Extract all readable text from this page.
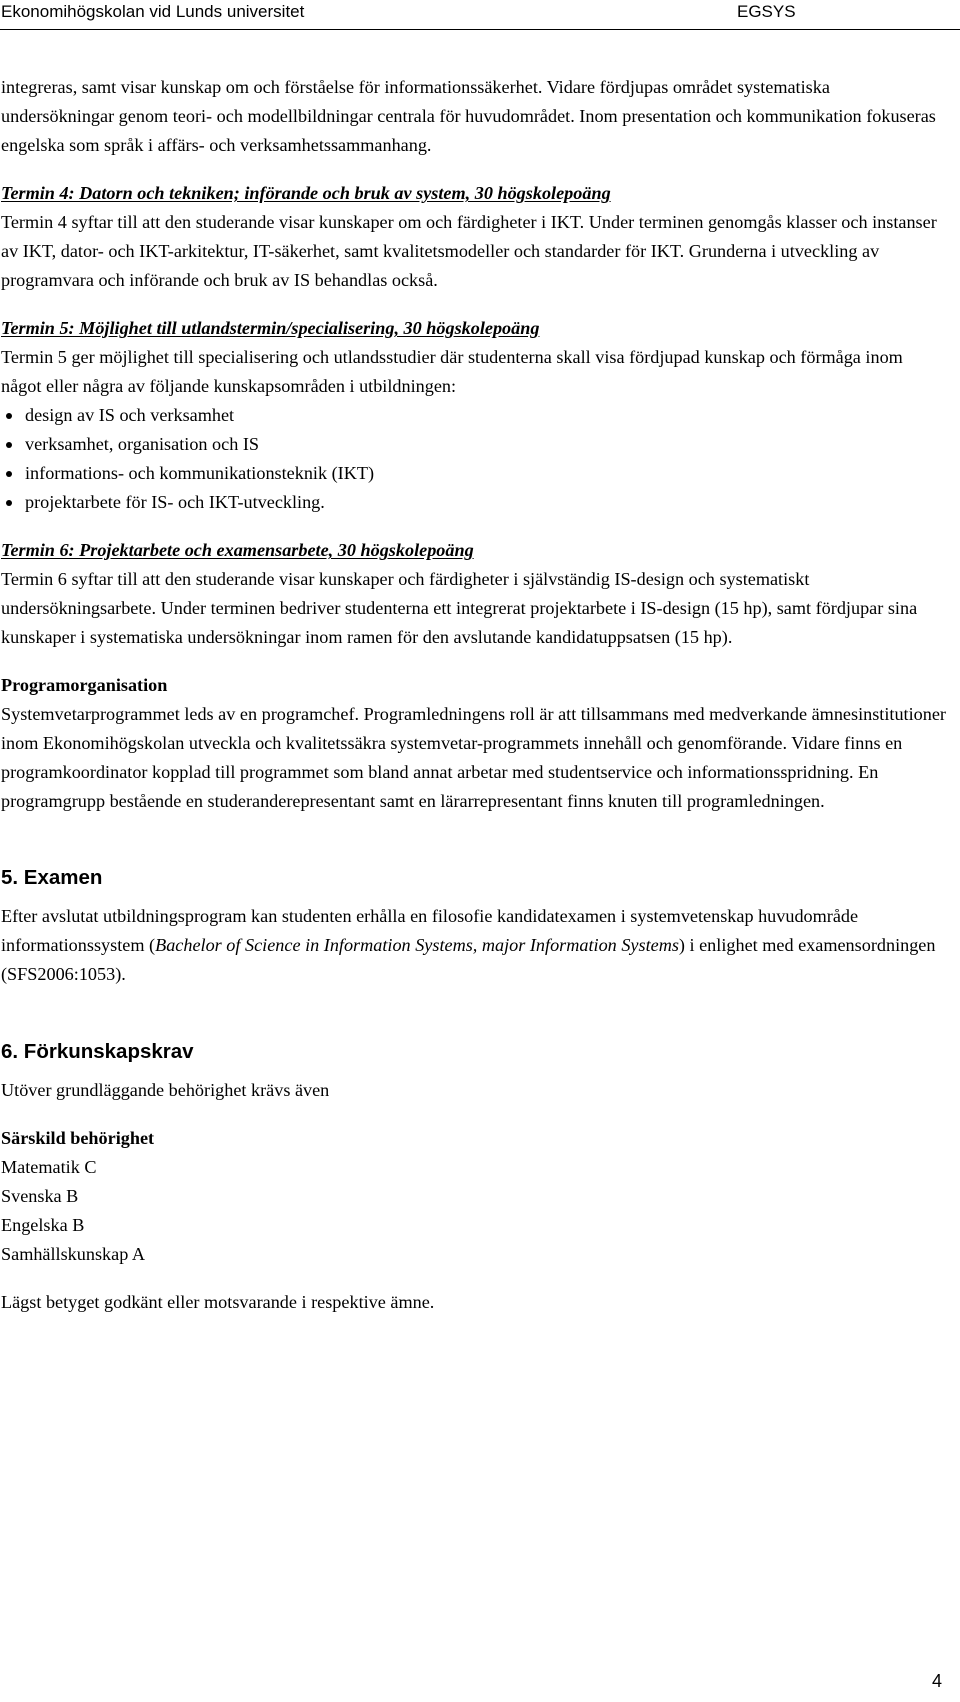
Ekonomihögskolan vid Lunds universitet	EGSYS

integreras, samt visar kunskap om och förståelse för informationssäkerhet. Vidare fördjupas området systematiska undersökningar genom teori- och modellbildningar centrala för huvudområdet. Inom presentation och kommunikation fokuseras engelska som språk i affärs- och verksamhetssammanhang.

Termin 4: Datorn och tekniken; införande och bruk av system, 30 högskolepoäng

Termin 4 syftar till att den studerande visar kunskaper om och färdigheter i IKT. Under terminen genomgås klasser och instanser av IKT, dator- och IKT-arkitektur, IT-säkerhet, samt kvalitetsmodeller och standarder för IKT. Grunderna i utveckling av programvara och införande och bruk av IS behandlas också.

Termin 5: Möjlighet till utlandstermin/specialisering, 30 högskolepoäng

Termin 5 ger möjlighet till specialisering och utlandsstudier där studenterna skall visa fördjupad kunskap och förmåga inom något eller några av följande kunskapsområden i utbildningen:

design av IS och verksamhet
verksamhet, organisation och IS
informations- och kommunikationsteknik (IKT)
projektarbete för IS- och IKT-utveckling.

Termin 6: Projektarbete och examensarbete, 30 högskolepoäng

Termin 6 syftar till att den studerande visar kunskaper och färdigheter i självständig IS-design och systematiskt undersökningsarbete. Under terminen bedriver studenterna ett integrerat projektarbete i IS-design (15 hp), samt fördjupar sina kunskaper i systematiska undersökningar inom ramen för den avslutande kandidatuppsatsen (15 hp).

Programorganisation

Systemvetarprogrammet leds av en programchef. Programledningens roll är att tillsammans med medverkande ämnesinstitutioner inom Ekonomihögskolan utveckla och kvalitetssäkra systemvetar-programmets innehåll och genomförande. Vidare finns en programkoordinator kopplad till programmet som bland annat arbetar med studentservice och informationsspridning. En programgrupp bestående en studeranderepresentant samt en lärarrepresentant finns knuten till programledningen.

5. Examen

Efter avslutat utbildningsprogram kan studenten erhålla en filosofie kandidatexamen i systemvetenskap huvudområde informationssystem (Bachelor of Science in Information Systems, major Information Systems) i enlighet med examensordningen (SFS2006:1053).

6. Förkunskapskrav

Utöver grundläggande behörighet krävs även

Särskild behörighet

Matematik C

Svenska B

Engelska B

Samhällskunskap A

Lägst betyget godkänt eller motsvarande i respektive ämne.

4
